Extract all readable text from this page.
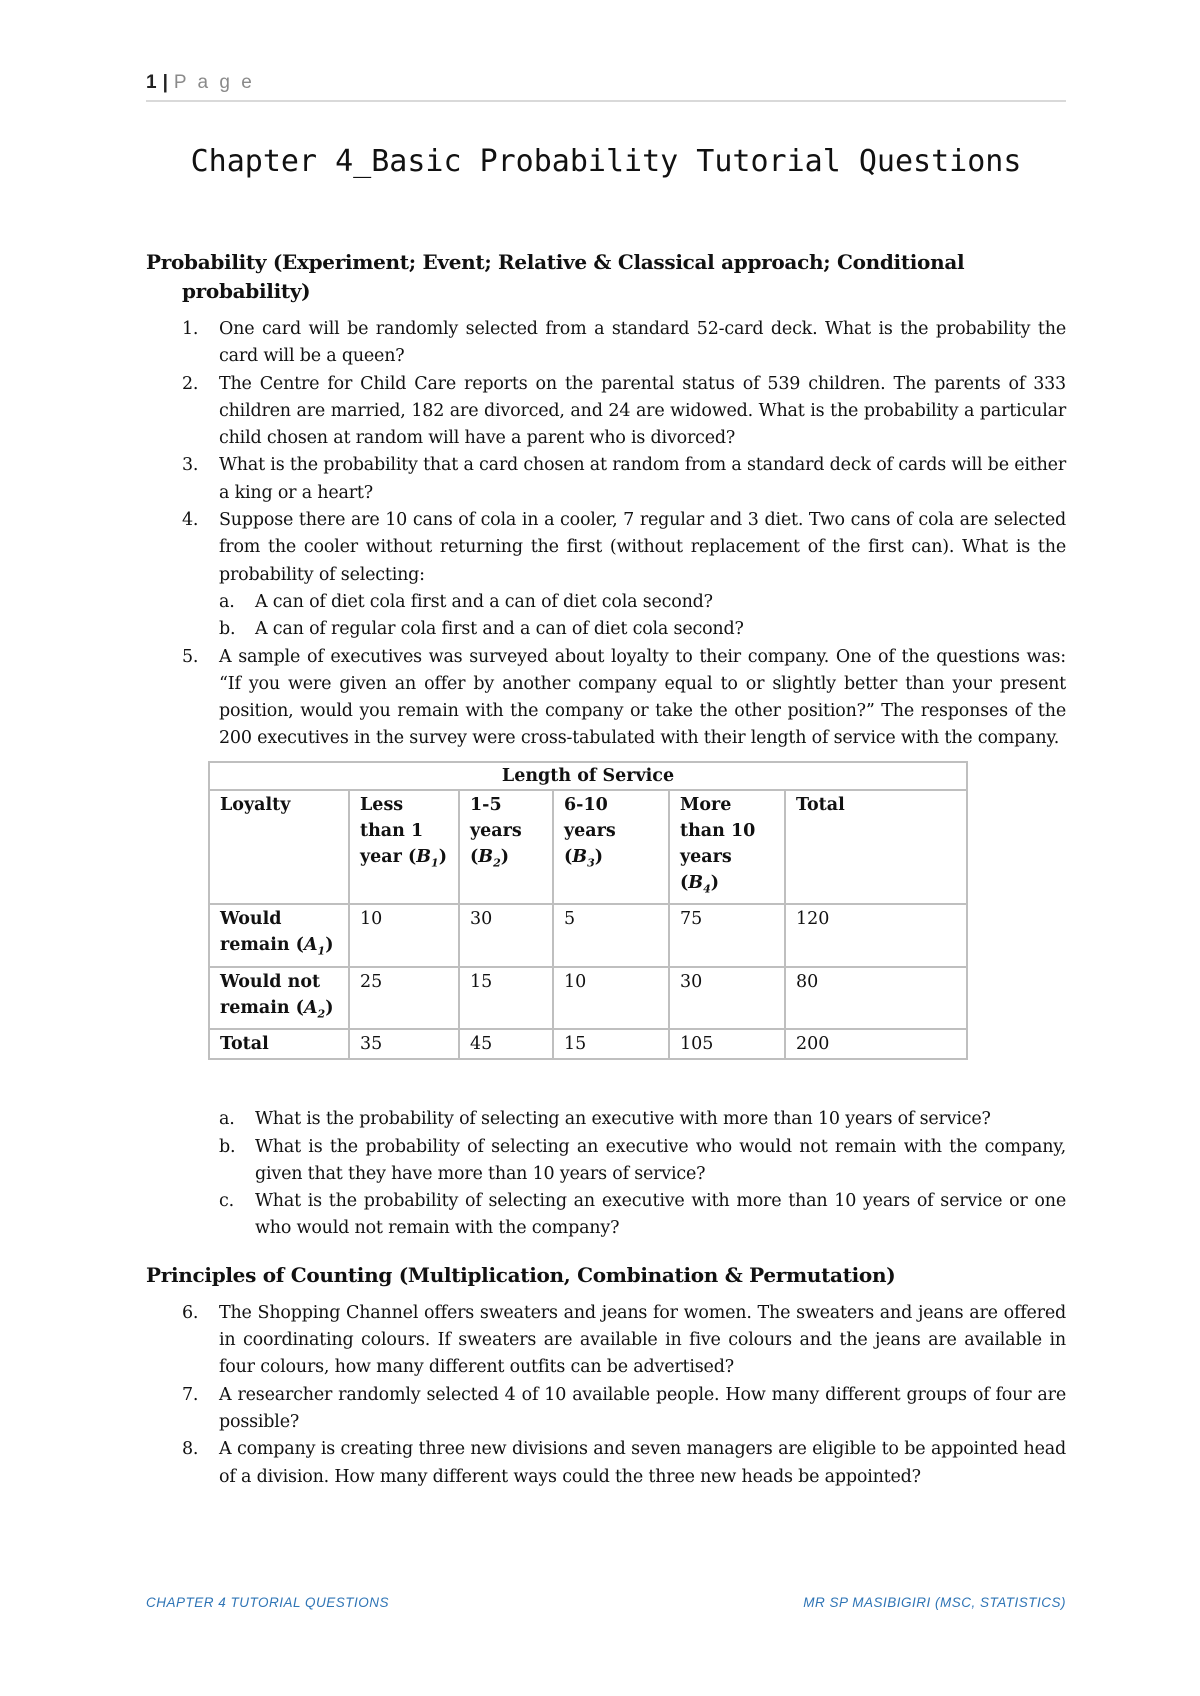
1 | P a g e
Chapter 4_Basic Probability Tutorial Questions
Probability (Experiment; Event; Relative & Classical approach; Conditional probability)
1. One card will be randomly selected from a standard 52-card deck. What is the probability the card will be a queen?
2. The Centre for Child Care reports on the parental status of 539 children. The parents of 333 children are married, 182 are divorced, and 24 are widowed. What is the probability a particular child chosen at random will have a parent who is divorced?
3. What is the probability that a card chosen at random from a standard deck of cards will be either a king or a heart?
4. Suppose there are 10 cans of cola in a cooler, 7 regular and 3 diet. Two cans of cola are selected from the cooler without returning the first (without replacement of the first can). What is the probability of selecting:
a. A can of diet cola first and a can of diet cola second?
b. A can of regular cola first and a can of diet cola second?
5. A sample of executives was surveyed about loyalty to their company. One of the questions was: “If you were given an offer by another company equal to or slightly better than your present position, would you remain with the company or take the other position?” The responses of the 200 executives in the survey were cross-tabulated with their length of service with the company.
Length of Service					
Loyalty	Less than 1 year $(B_1)$	1-5 years $(B_2)$	6-10 years $(B_3)$	More than 10 years $(B_4)$	Total
Would remain $(A_1)$	10	30	5	75	120
Would not remain $(A_2)$	25	15	10	30	80
Total	35	45	15	105	200
a. What is the probability of selecting an executive with more than 10 years of service?
b. What is the probability of selecting an executive who would not remain with the company, given that they have more than 10 years of service?
c. What is the probability of selecting an executive with more than 10 years of service or one who would not remain with the company?
Principles of Counting (Multiplication, Combination & Permutation)
6. The Shopping Channel offers sweaters and jeans for women. The sweaters and jeans are offered in coordinating colours. If sweaters are available in five colours and the jeans are available in four colours, how many different outfits can be advertised?
7. A researcher randomly selected 4 of 10 available people. How many different groups of four are possible?
8. A company is creating three new divisions and seven managers are eligible to be appointed head of a division. How many different ways could the three new heads be appointed?
CHAPTER 4 TUTORIAL QUESTIONS	MR SP MASIBIGIRI (MSC, STATISTICS)
